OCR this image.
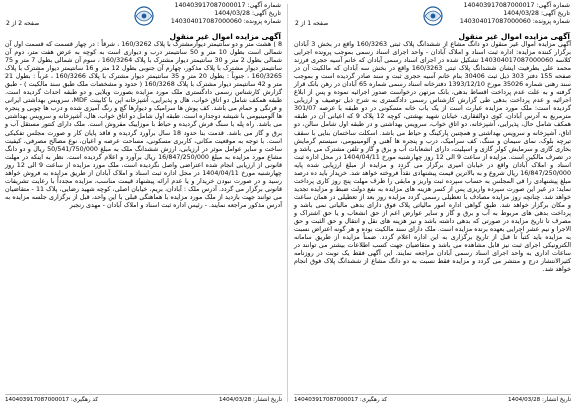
شماره آگهی: 140403917087000017
تاریخ آگهی: 1404/03/28
شماره پرونده: 140304017087000060
صفحه 2 از 2
آگهی مزایده اموال غیر منقول
8 ) هشت متر و دو سانتیمتر دیوارمشترک با پلاک 160/3262 ، شرقاً : در چهار قسمت که قسمت اول آن شمالی است بطول 10 متر و 50 سانتیمتر درب و دیواری است به کوچه به عرض هفت متر، دوم آن شمالی بطول 2 متر و 30 سانتیمتر دیوار مشترک با پلاک 160/3264 ، سوم آن شمالی بطول 7 متر و 75 سانتیمتر دیوار مشترک با پلاک مذکور، چهارم آن جنوبی بطول 12 متر و 16 سانتیمتر دیوار مشترک با پلاک 160/3265 ، جنوباً : بطول 20 متر و 35 سانتیمتر دیوار مشترک با پلاک 160/3266 ، غرباً : بطول 21 متر و 42 سانتیمتر دیوار مشترک با پلاک 160/3268 ( حدود و مشخصات ملک طبق سند مالکیت ) - طبق گزارش کارشناس رسمی دادگستری ملک مورد مزایده بصورت ویلایی و دو طبقه احداث گردیده است. طبقه همکف شامل دو اتاق خواب، هال و پذیرایی، آشپزخانه اپن با کابینت MDF، سرویس بهداشتی ایرانی و فرنگی و حمام می باشد. کف پوش ها سرامیک و دیوارها گچ و رنگ آمیزی شده و درب ها چوبی و پنجره ها آلومینیومی با شیشه دوجداره است. طبقه اول شامل دو اتاق خواب، هال، آشپزخانه و سرویس بهداشتی می باشد. راه پله با سنگ فرش گردیده و حیاط با موزاییک مفروش است. ملک دارای کنتور مستقل آب و برق و گاز می باشد. قدمت بنا حدود 18 سال برآورد گردیده و فاقد پایان کار و صورت مجلس تفکیکی است. با توجه به موقعیت مکانی، کاربری مسکونی، مساحت عرصه و اعیان، نوع مصالح مصرفی، کیفیت ساخت و سایر عوامل موثر در ارزیابی، ارزش ششدانگ ملک به مبلغ 50/541/750/000 ریال و دو دانگ مشاع مورد مزایده به مبلغ 16/847/250/000 ریال برآورد و اعلام گردیده است. نظر به اینکه در مهلت قانونی از ارزیابی انجام شده اعتراضی واصل نگردیده است، ملک مورد مزایده از ساعت 9 الی 12 روز چهارشنبه مورخ 1404/04/11 در محل اداره ثبت اسناد و املاک آبادان از طریق مزایده به فروش خواهد رسید و در صورت نبودن خریدار و یا عدم ارائه پیشنهاد قیمت مناسب، مزایده مجدداً با رعایت تشریفات قانونی برگزار می گردد. آدرس ملک : آبادان، بریم، خیابان اصلی، کوچه شهید رضایی، پلاک 11 - متقاضیان می توانند جهت بازدید از ملک مورد مزایده با هماهنگی قبلی با این واحد، قبل از برگزاری جلسه مزایده به آدرس مذکور مراجعه نمایند. - رئیس اداره ثبت اسناد و املاک آبادان - مهدی رنجبر
تاریخ انتشار: 1404/03/28
کد رهگیری: 140403917087000017
شماره آگهی: 140403917087000017
تاریخ آگهی: 1404/03/28
شماره پرونده: 140304017087000060
صفحه 1 از 2
آگهی مزایده اموال غیر منقول
آگهی مزایده اموال غیر منقول دو دانگ مشاع از ششدانگ پلاک ثبتی 160/3263 واقع در بخش 3 آبادان برگزار کننده مزایده: اداره ثبت اسناد و املاک آبادان - واحد اجرای اسناد رسمی بموجب پرونده اجرایی کلاسه 140304017087000060 تشکیل شده در اجرای اسناد رسمی آبادان که خانم آسیه حجری فرزند محمد علی بطرفیت ایشان ششدانگ پلاک ثبتی 160/3263 واقع در بخش سه آبادان که مالکیت آن در صفحه 155 دفتر 303 ذیل ثبت 30406 بنام خانم آسیه حجری ثبت و سند صادر گردیده است و بموجب سند رهنی شماره 35026 مورخ 1393/12/10 دفترخانه اسناد رسمی شماره 65 آبادان در رهن بانک قرار گرفته و به علت عدم پرداخت اقساط بدهی، بانک مرتهن درخواست صدور اجرائیه نموده و پس از ابلاغ اجرائیه و عدم پرداخت بدهی طی گزارش کارشناس رسمی دادگستری به شرح ذیل توصیف و ارزیابی گردیده است: ملک مورد مزایده عبارت است از یک باب خانه مسکونی در دو طبقه با عرصه 301/07 مترمربع به آدرس آبادان، کوی ذوالفقاری، خیابان شهید بهشتی، کوچه 12 پلاک 9 که اعیانی آن در طبقه همکف شامل حال، پذیرایی، آشپزخانه، دو اتاق خواب، سرویس بهداشتی و در طبقه اول شامل سالن، دو اتاق، آشپزخانه و سرویس بهداشتی و همچنین پارکینگ و حیاط می باشد. اسکلت ساختمان بنایی با سقف تیرچه بلوک، نمای سیمان و سنگ، کف سرامیک، درب و پنجره ها آهنی و آلومینیومی، سیستم گرمایش بخاری گازی و سرمایش کولر گازی و اسپلیت، دارای انشعابات آب و برق و گاز و تلفن مشترک می باشد و در تصرف مالکین است. مزایده از ساعت 9 الی 12 روز چهارشنبه مورخ 1404/04/11 در محل اداره ثبت اسناد و املاک آبادان واقع در خیابان امیری برگزار می گردد و مزایده از مبلغ ارزیابی شده پایه 16/847/250/000 ریال شروع و به بالاترین قیمت پیشنهادی نقداً فروخته خواهد شد. خریدار باید ده درصد مبلغ پیشنهادی را فی المجلس به حساب سپرده ثبت واریز و مابقی را ظرف مهلت پنج روز کاری پرداخت نماید؛ در غیر این صورت سپرده واریزی پس از کسر هزینه های مزایده به نفع دولت ضبط و مزایده تجدید خواهد شد. چنانچه روز مزایده مصادف با تعطیلی رسمی گردد مزایده روز بعد از تعطیلی در همان ساعت و مکان برگزار خواهد شد. طبق گواهی اداره امور مالیاتی پلاک فوق دارای بدهی مالیاتی نمی باشد و پرداخت بدهی های مربوط به آب و برق و گاز و سایر عوارض اعم از حق انشعاب و یا حق اشتراک و مصرف تا تاریخ مزایده در صورتی که بدهی داشته باشد و نیز هزینه های نقل و انتقال و حق الثبت و حق الاجرا و نیم عشر اجرایی بعهده برنده مزایده است. ملک دارای سند مالکیت بوده و هر گونه اعتراض نسبت به مزایده باید کتباً تا قبل از تاریخ برگزاری به این اداره اعلام گردد. ضمناً مزایده از طریق سامانه الکترونیکی اجرای ثبت نیز قابل مشاهده می باشد و متقاضیان جهت کسب اطلاعات بیشتر می توانند در ساعات اداری به واحد اجرای اسناد رسمی آبادان مراجعه نمایند. این آگهی فقط یک نوبت در روزنامه کثیرالانتشار درج و منتشر می گردد و مزایده فقط نسبت به دو دانگ مشاع از ششدانگ پلاک فوق انجام خواهد شد.
تاریخ انتشار: 1404/03/28
کد رهگیری: 140403917087000017
